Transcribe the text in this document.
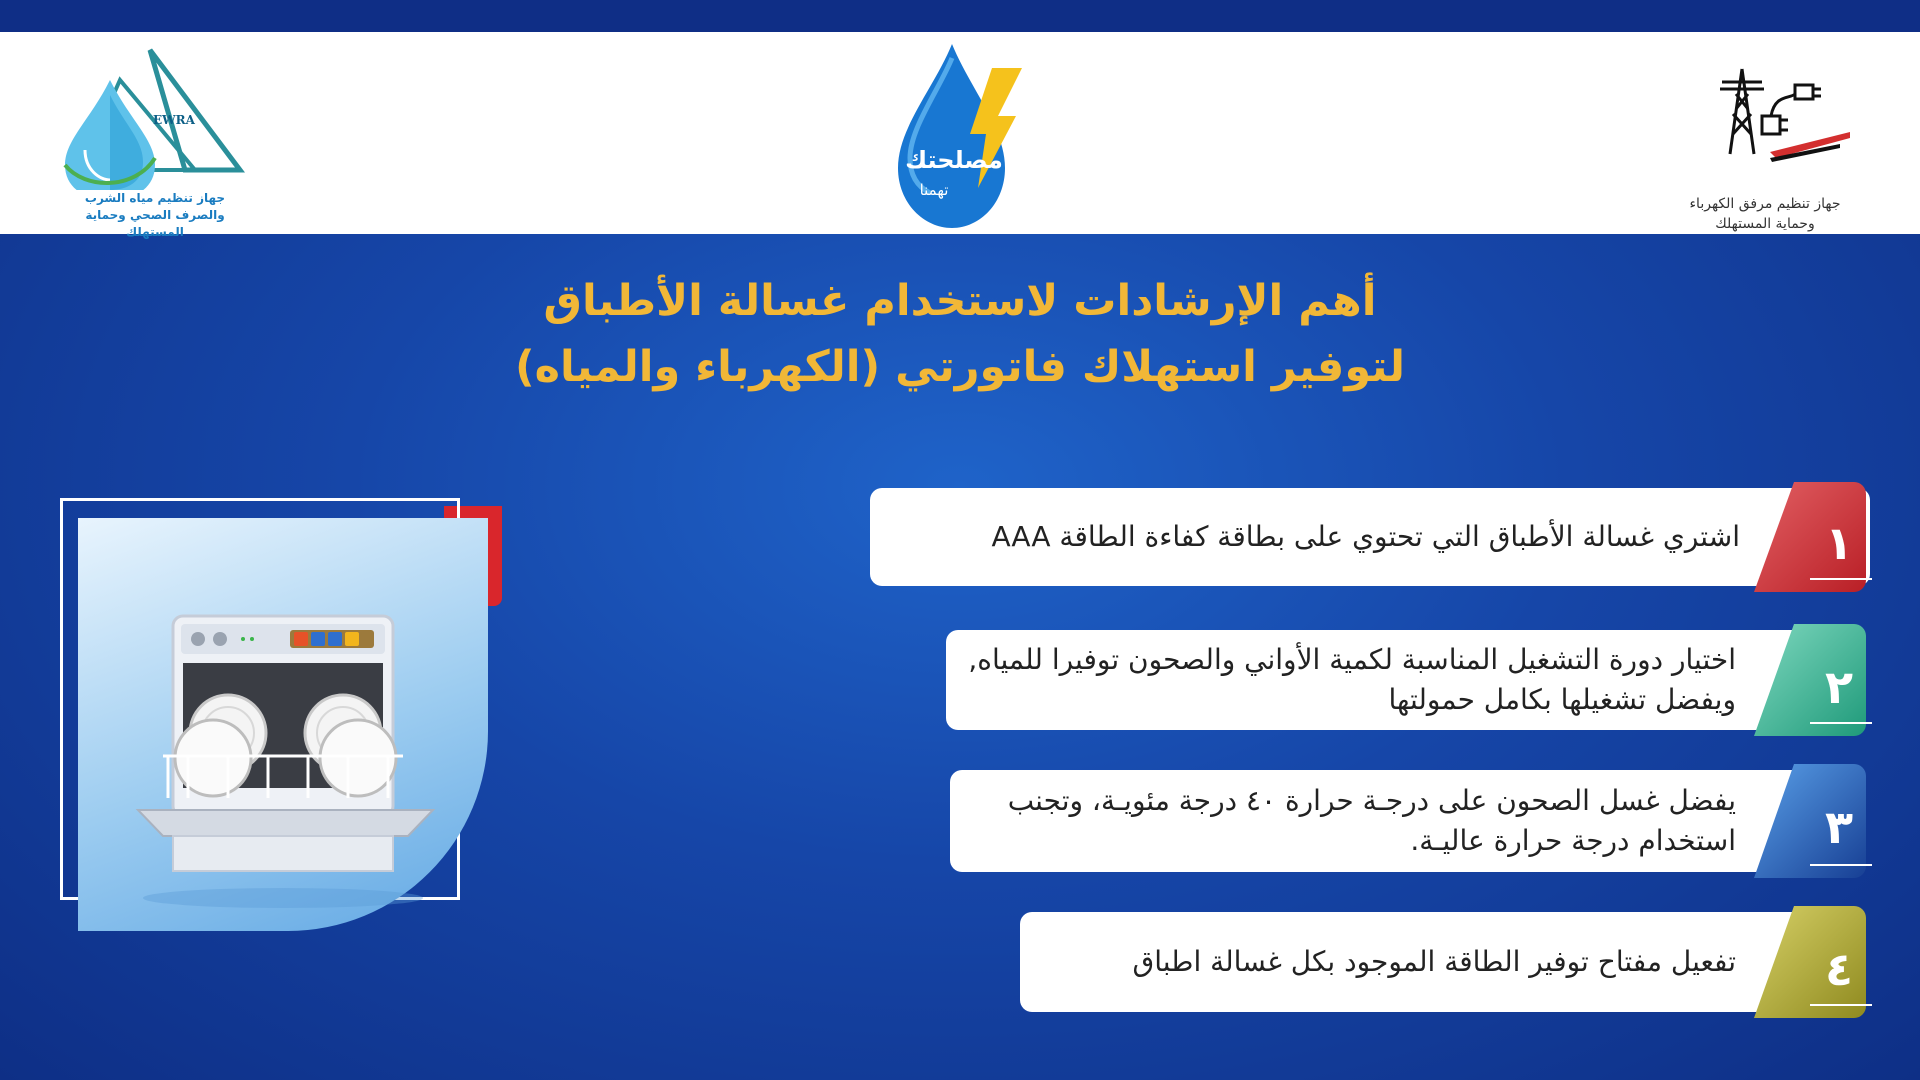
EWRA
جهاز تنظيم مياه الشرب
والصرف الصحي وحماية المستهلك
مصلحتك
تهمنا
جهاز تنظيم مرفق الكهرباء
وحماية المستهلك
أهم الإرشادات لاستخدام غسالة الأطباق
لتوفير استهلاك فاتورتي (الكهرباء والمياه)
اشتري غسالة الأطباق التي تحتوي على بطاقة كفاءة الطاقة AAA	١
اختيار دورة التشغيل المناسبة لكمية الأواني والصحون توفيرا للمياه, ويفضل تشغيلها بكامل حمولتها	٢
يفضل غسل الصحون على درجـة حرارة ٤٠ درجة مئويـة، وتجنب استخدام درجة حرارة عاليـة.	٣
تفعيل مفتاح توفير الطاقة الموجود بكل غسالة اطباق	٤
